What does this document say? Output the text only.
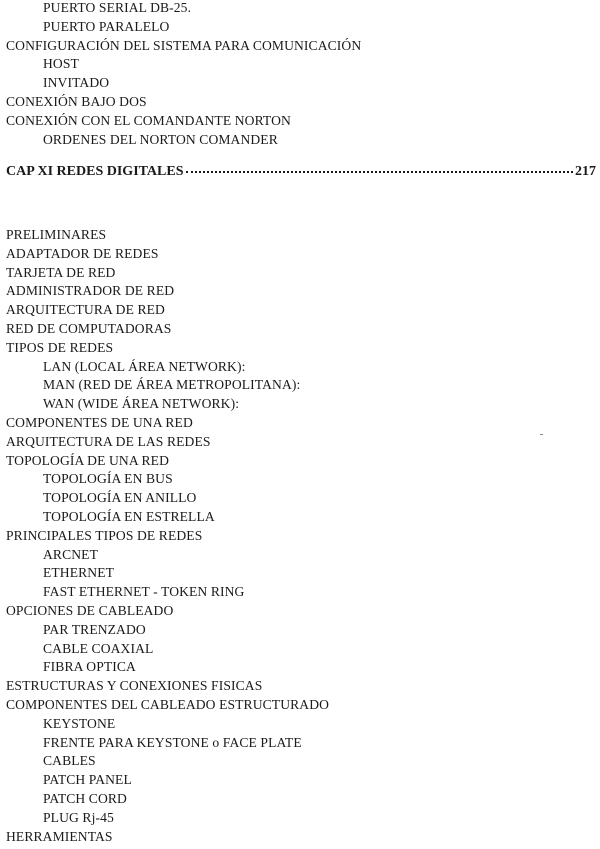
PUERTO SERIAL DB-25.
PUERTO PARALELO
CONFIGURACIÓN DEL SISTEMA PARA COMUNICACIÓN
HOST
INVITADO
CONEXIÓN BAJO DOS
CONEXIÓN CON EL COMANDANTE NORTON
ORDENES DEL NORTON COMANDER
CAP XI REDES DIGITALES	217
PRELIMINARES
ADAPTADOR DE REDES
TARJETA DE RED
ADMINISTRADOR DE RED
ARQUITECTURA DE RED
RED DE COMPUTADORAS
TIPOS DE REDES
LAN (LOCAL ÁREA NETWORK):
MAN (RED DE ÁREA METROPOLITANA):
WAN (WIDE ÁREA NETWORK):
COMPONENTES DE UNA RED
ARQUITECTURA DE LAS REDES
TOPOLOGÍA DE UNA RED
TOPOLOGÍA EN BUS
TOPOLOGÍA EN ANILLO
TOPOLOGÍA EN ESTRELLA
PRINCIPALES TIPOS DE REDES
ARCNET
ETHERNET
FAST ETHERNET - TOKEN RING
OPCIONES DE CABLEADO
PAR TRENZADO
CABLE COAXIAL
FIBRA OPTICA
ESTRUCTURAS Y CONEXIONES FISICAS
COMPONENTES DEL CABLEADO ESTRUCTURADO
KEYSTONE
FRENTE PARA KEYSTONE o FACE PLATE
CABLES
PATCH PANEL
PATCH CORD
PLUG Rj-45
HERRAMIENTAS
